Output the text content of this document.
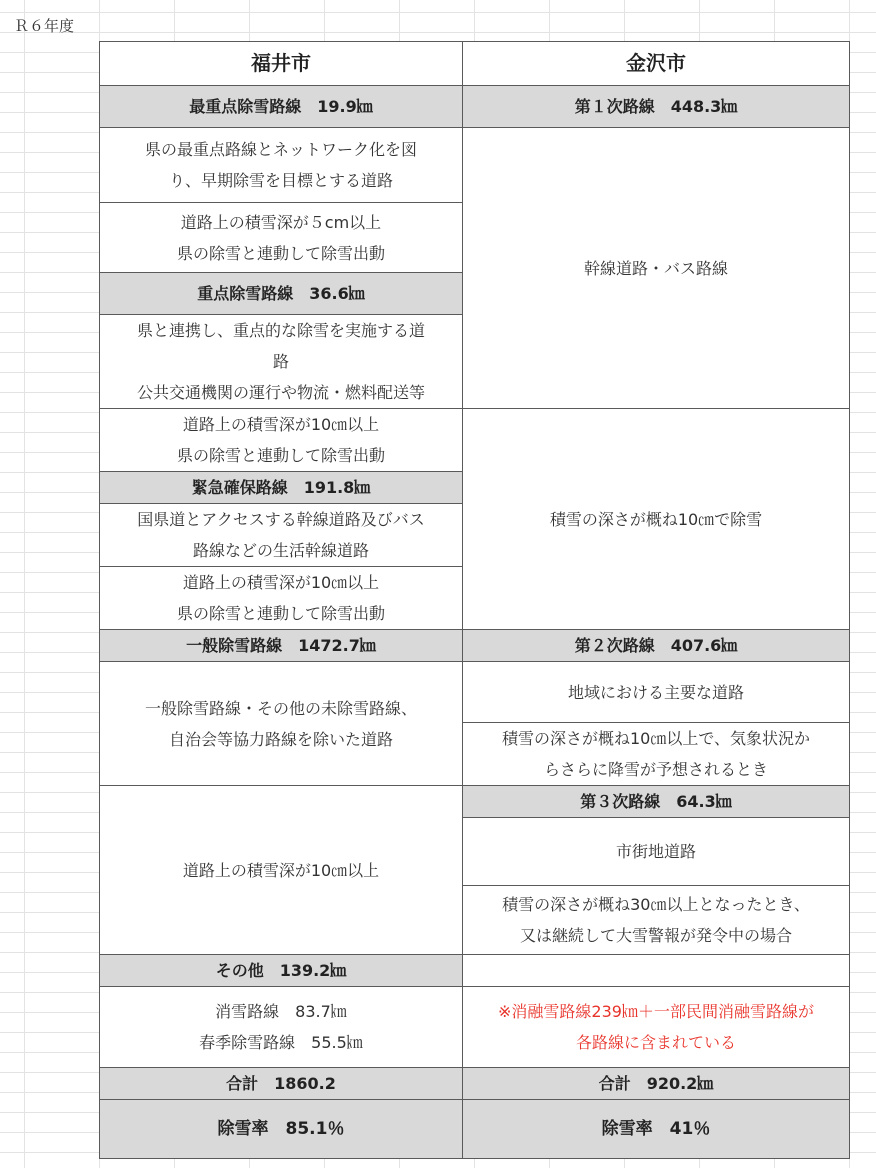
Ｒ６年度
福井市	金沢市
最重点除雪路線　19.9㎞	第１次路線　448.3㎞

県の最重点路線とネットワーク化を図
り、早期除雪を目標とする道路	幹線道路・バス路線

道路上の積雪深が５cm以上
県の除雪と連動して除雪出動	

重点除雪路線　36.6㎞	

県と連携し、重点的な除雪を実施する道
路
公共交通機関の運行や物流・燃料配送等	

道路上の積雪深が10㎝以上
県の除雪と連動して除雪出動	積雪の深さが概ね10㎝で除雪
緊急確保路線　191.8㎞	

国県道とアクセスする幹線道路及びバス
路線などの生活幹線道路	

道路上の積雪深が10㎝以上
県の除雪と連動して除雪出動	

一般除雪路線　1472.7㎞	第２次路線　407.6㎞

一般除雪路線・その他の未除雪路線、
自治会等協力路線を除いた道路	地域における主要な道路

	積雪の深さが概ね10㎝以上で、気象状況か
らさらに降雪が予想されるとき

道路上の積雪深が10㎝以上	第３次路線　64.3㎞
	市街地道路

	積雪の深さが概ね30㎝以上となったとき、
又は継続して大雪警報が発令中の場合

その他　139.2㎞	

消雪路線　83.7㎞
春季除雪路線　55.5㎞	※消融雪路線239㎞＋一部民間消融雪路線が
各路線に含まれている

合計　1860.2	合計　920.2㎞
除雪率　85.1％	除雪率　41％
